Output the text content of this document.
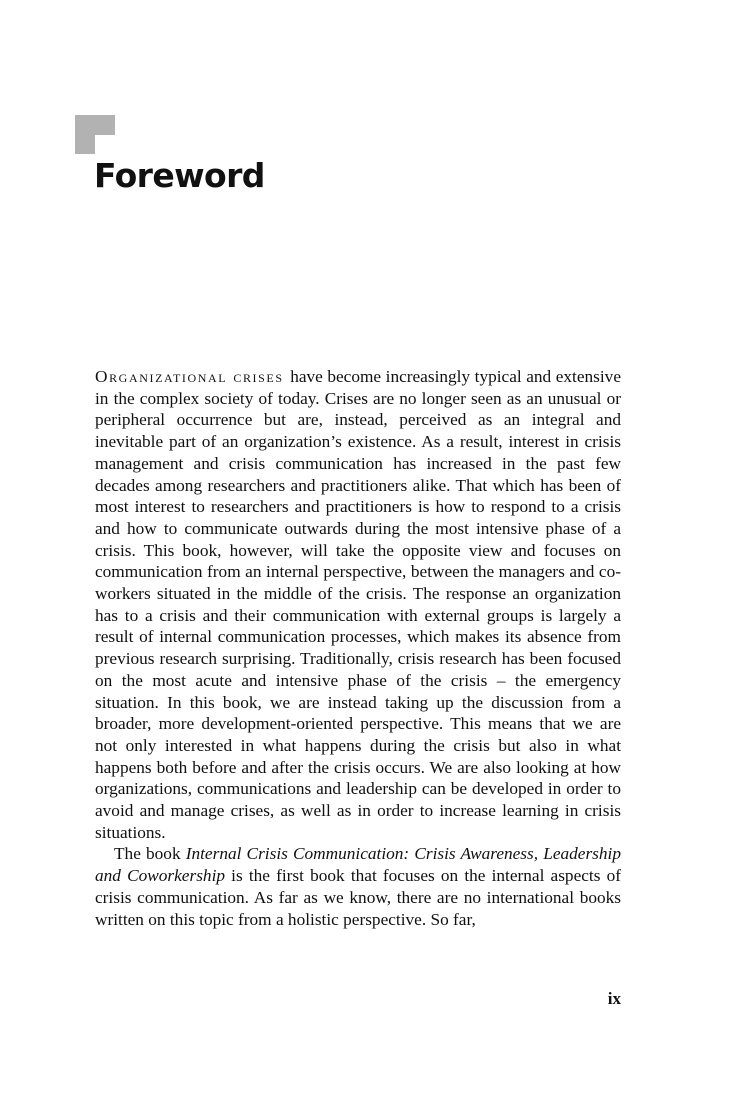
Foreword

Organizational crises have become increasingly typical and extensive in the complex society of today. Crises are no longer seen as an unusual or peripheral occurrence but are, instead, perceived as an integral and inevitable part of an organization’s existence. As a result, interest in crisis management and crisis communication has increased in the past few decades among researchers and practitioners alike. That which has been of most interest to researchers and practitioners is how to respond to a crisis and how to communicate outwards during the most intensive phase of a crisis. This book, however, will take the opposite view and focuses on communication from an internal perspective, between the managers and co-workers situated in the middle of the crisis. The response an organization has to a crisis and their communication with external groups is largely a result of internal communication processes, which makes its absence from previous research surprising. Traditionally, crisis research has been focused on the most acute and intensive phase of the crisis – the emergency situation. In this book, we are instead taking up the discussion from a broader, more development-oriented perspective. This means that we are not only interested in what happens during the crisis but also in what happens both before and after the crisis occurs. We are also looking at how organizations, communications and leadership can be developed in order to avoid and manage crises, as well as in order to increase learning in crisis situations.

The book Internal Crisis Communication: Crisis Awareness, Leadership and Coworkership is the first book that focuses on the internal aspects of crisis communication. As far as we know, there are no international books written on this topic from a holistic perspective. So far,

ix
